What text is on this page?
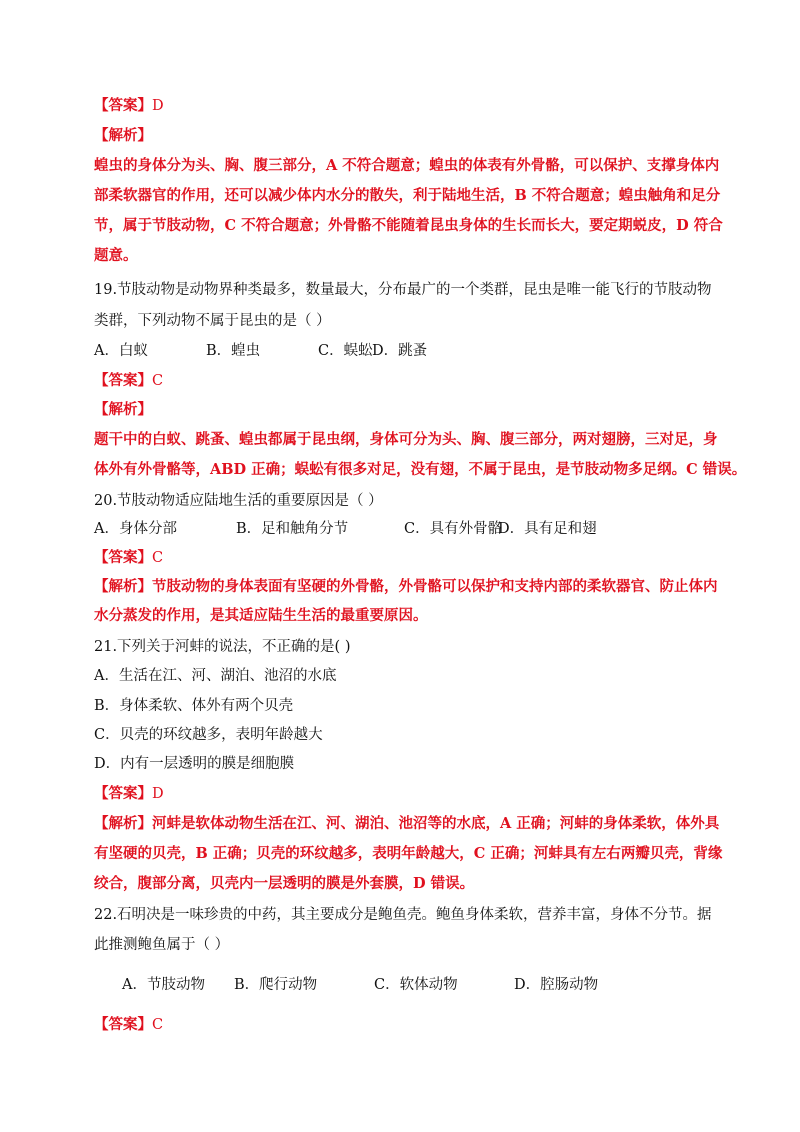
【答案】D
【解析】
蝗虫的身体分为头、胸、腹三部分，A 不符合题意；蝗虫的体表有外骨骼，可以保护、支撑身体内
部柔软器官的作用，还可以减少体内水分的散失，利于陆地生活，B 不符合题意；蝗虫触角和足分
节，属于节肢动物，C 不符合题意；外骨骼不能随着昆虫身体的生长而长大，要定期蜕皮，D 符合
题意。
19.节肢动物是动物界种类最多，数量最大，分布最广的一个类群，昆虫是唯一能飞行的节肢动物
类群，下列动物不属于昆虫的是（ ）
A．白蚁	B．蝗虫	C．蜈蚣 D．跳蚤
【答案】C
【解析】
题干中的白蚁、跳蚤、蝗虫都属于昆虫纲，身体可分为头、胸、腹三部分，两对翅膀，三对足，身
体外有外骨骼等，ABD 正确；蜈蚣有很多对足，没有翅，不属于昆虫，是节肢动物多足纲。C 错误。
20.节肢动物适应陆地生活的重要原因是（ ）
A．身体分部	B．足和触角分节	C．具有外骨骼
D．具有足和翅
【答案】C
【解析】节肢动物的身体表面有坚硬的外骨骼，外骨骼可以保护和支持内部的柔软器官、防止体内
水分蒸发的作用，是其适应陆生生活的最重要原因。
21.下列关于河蚌的说法，不正确的是( )
A．生活在江、河、湖泊、池沼的水底
B．身体柔软、体外有两个贝壳
C．贝壳的环纹越多，表明年龄越大
D．内有一层透明的膜是细胞膜
【答案】D
【解析】河蚌是软体动物生活在江、河、湖泊、池沼等的水底，A 正确；河蚌的身体柔软，体外具
有坚硬的贝壳，B 正确；贝壳的环纹越多，表明年龄越大，C 正确；河蚌具有左右两瓣贝壳，背缘
绞合，腹部分离，贝壳内一层透明的膜是外套膜，D 错误。
22.石明决是一味珍贵的中药，其主要成分是鲍鱼壳。鲍鱼身体柔软，营养丰富，身体不分节。据
此推测鲍鱼属于（ ）
A．节肢动物 B．爬行动物	C．软体动物	D．腔肠动物
【答案】C
